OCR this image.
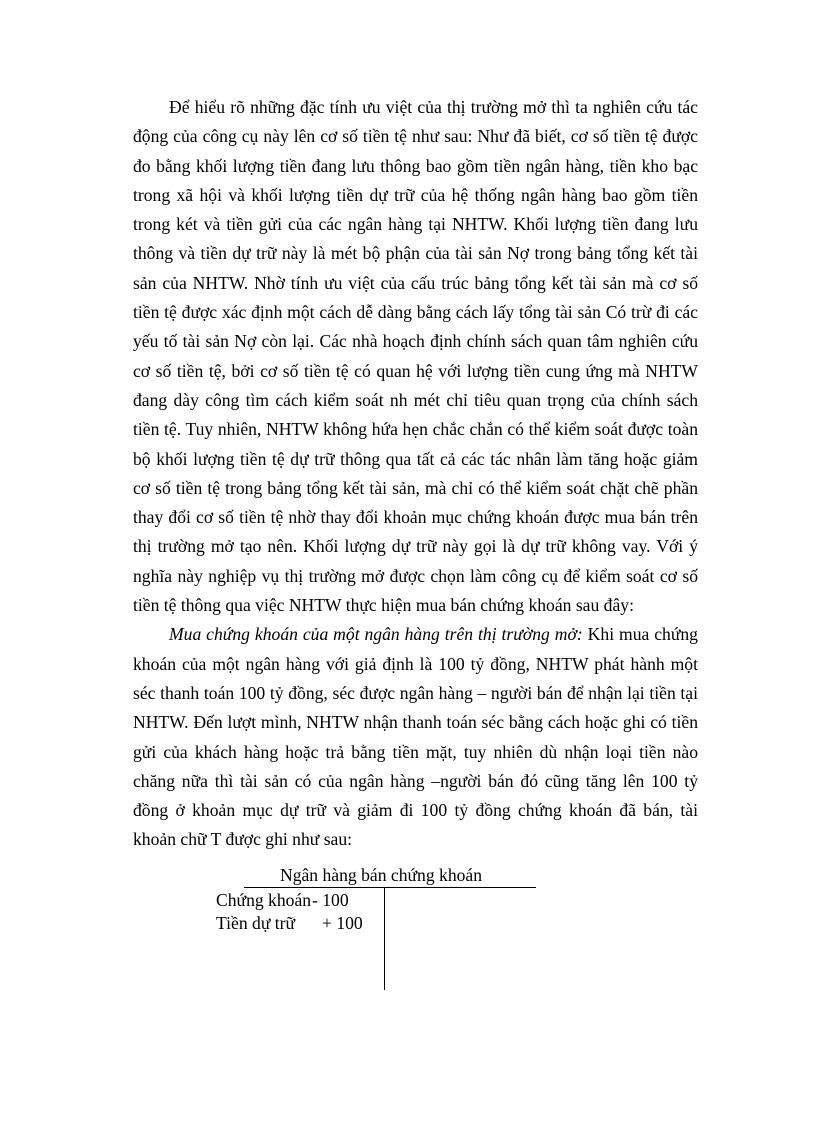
Để hiểu rõ những đặc tính ưu việt của thị trường mở thì ta nghiên cứu tác động của công cụ này lên cơ số tiền tệ như sau: Như đã biết, cơ số tiền tệ được đo bằng khối lượng tiền đang lưu thông bao gồm tiền ngân hàng, tiền kho bạc trong xã hội và khối lượng tiền dự trữ của hệ thống ngân hàng bao gồm tiền trong két và tiền gửi của các ngân hàng tại NHTW. Khối lượng tiền đang lưu thông và tiền dự trữ này là mét bộ phận của tài sản Nợ trong bảng tổng kết tài sản của NHTW. Nhờ tính ưu việt của cấu trúc bảng tổng kết tài sản mà cơ số tiền tệ được xác định một cách dễ dàng bằng cách lấy tổng tài sản Có trừ đi các yếu tố tài sản Nợ còn lại. Các nhà hoạch định chính sách quan tâm nghiên cứu cơ số tiền tệ, bởi cơ số tiền tệ có quan hệ với lượng tiền cung ứng mà NHTW đang dày công tìm cách kiểm soát nh mét chỉ tiêu quan trọng của chính sách tiền tệ. Tuy nhiên, NHTW không hứa hẹn chắc chắn có thể kiểm soát được toàn bộ khối lượng tiền tệ dự trữ thông qua tất cả các tác nhân làm tăng hoặc giảm cơ số tiền tệ trong bảng tổng kết tài sản, mà chỉ có thể kiểm soát chặt chẽ phần thay đổi cơ số tiền tệ nhờ thay đổi khoản mục chứng khoán được mua bán trên thị trường mở tạo nên. Khối lượng dự trữ này gọi là dự trữ không vay. Với ý nghĩa này nghiệp vụ thị trường mở được chọn làm công cụ để kiểm soát cơ số tiền tệ thông qua việc NHTW thực hiện mua bán chứng khoán sau đây:

Mua chứng khoán của một ngân hàng trên thị trường mở: Khi mua chứng khoán của một ngân hàng với giả định là 100 tỷ đồng, NHTW phát hành một séc thanh toán 100 tỷ đồng, séc được ngân hàng – người bán để nhận lại tiền tại NHTW. Đến lượt mình, NHTW nhận thanh toán séc bằng cách hoặc ghi có tiền gửi của khách hàng hoặc trả bằng tiền mặt, tuy nhiên dù nhận loại tiền nào chăng nữa thì tài sản có của ngân hàng –người bán đó cũng tăng lên 100 tỷ đồng ở khoản mục dự trữ và giảm đi 100 tỷ đồng chứng khoán đã bán, tài khoản chữ T được ghi như sau:

Ngân hàng bán chứng khoán
Chứng khoán - 100
Tiền dự trữ + 100
